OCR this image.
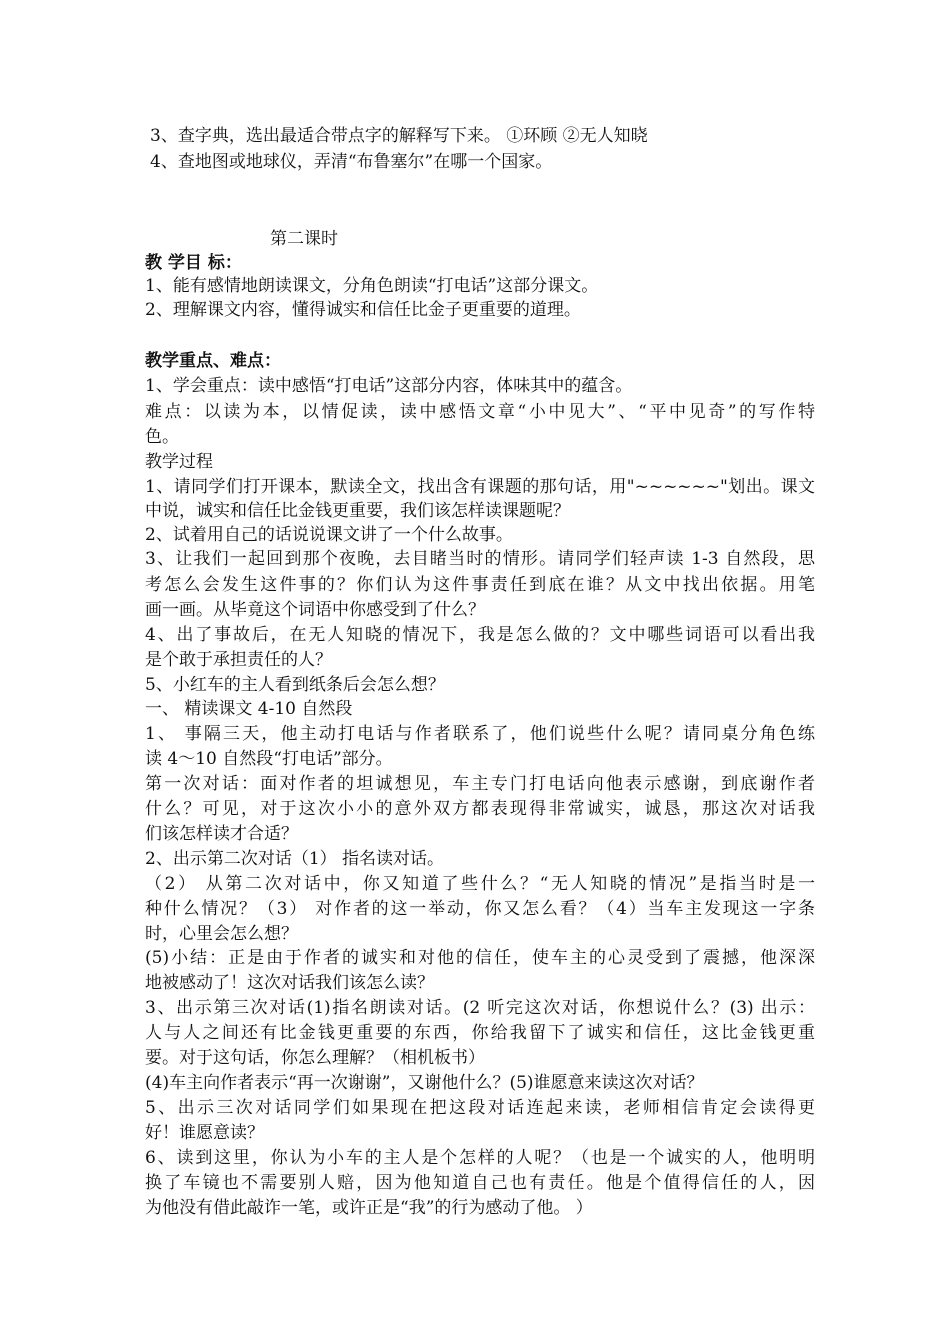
3、查字典，选出最适合带点字的解释写下来。 ①环顾 ②无人知晓
4、查地图或地球仪，弄清“布鲁塞尔”在哪一个国家。
第二课时
教 学目 标：
1、能有感情地朗读课文，分角色朗读“打电话”这部分课文。
2、理解课文内容，懂得诚实和信任比金子更重要的道理。
教学重点、难点：
1、学会重点：读中感悟“打电话”这部分内容，体味其中的蕴含。
难点：以读为本，以情促读，读中感悟文章“小中见大”、“平中见奇”的写作特
色。
教学过程
1、请同学们打开课本，默读全文，找出含有课题的那句话，用"~~~~~~"划出。课文
中说，诚实和信任比金钱更重要，我们该怎样读课题呢？
2、试着用自己的话说说课文讲了一个什么故事。
3、让我们一起回到那个夜晚，去目睹当时的情形。请同学们轻声读 1-3 自然段，思
考怎么会发生这件事的？你们认为这件事责任到底在谁？从文中找出依据。用笔
画一画。从毕竟这个词语中你感受到了什么？
4、出了事故后，在无人知晓的情况下，我是怎么做的？文中哪些词语可以看出我
是个敢于承担责任的人？
5、小红车的主人看到纸条后会怎么想？
一、 精读课文 4-10 自然段
1、 事隔三天，他主动打电话与作者联系了，他们说些什么呢？请同桌分角色练
读 4～10 自然段“打电话”部分。
第一次对话：面对作者的坦诚想见，车主专门打电话向他表示感谢，到底谢作者
什么？可见，对于这次小小的意外双方都表现得非常诚实，诚恳，那这次对话我
们该怎样读才合适？
2、出示第二次对话（1） 指名读对话。
（2） 从第二次对话中，你又知道了些什么？“无人知晓的情况”是指当时是一
种什么情况？（3） 对作者的这一举动，你又怎么看？（4）当车主发现这一字条
时，心里会怎么想？
(5)小结：正是由于作者的诚实和对他的信任，使车主的心灵受到了震撼，他深深
地被感动了！这次对话我们该怎么读？
3、出示第三次对话(1)指名朗读对话。(2 听完这次对话，你想说什么？(3) 出示：
人与人之间还有比金钱更重要的东西，你给我留下了诚实和信任，这比金钱更重
要。对于这句话，你怎么理解？（相机板书）
(4)车主向作者表示“再一次谢谢”，又谢他什么？(5)谁愿意来读这次对话？
5、出示三次对话同学们如果现在把这段对话连起来读，老师相信肯定会读得更
好！谁愿意读？
6、读到这里，你认为小车的主人是个怎样的人呢？（也是一个诚实的人，他明明
换了车镜也不需要别人赔，因为他知道自己也有责任。他是个值得信任的人，因
为他没有借此敲诈一笔，或许正是“我”的行为感动了他。 ）
